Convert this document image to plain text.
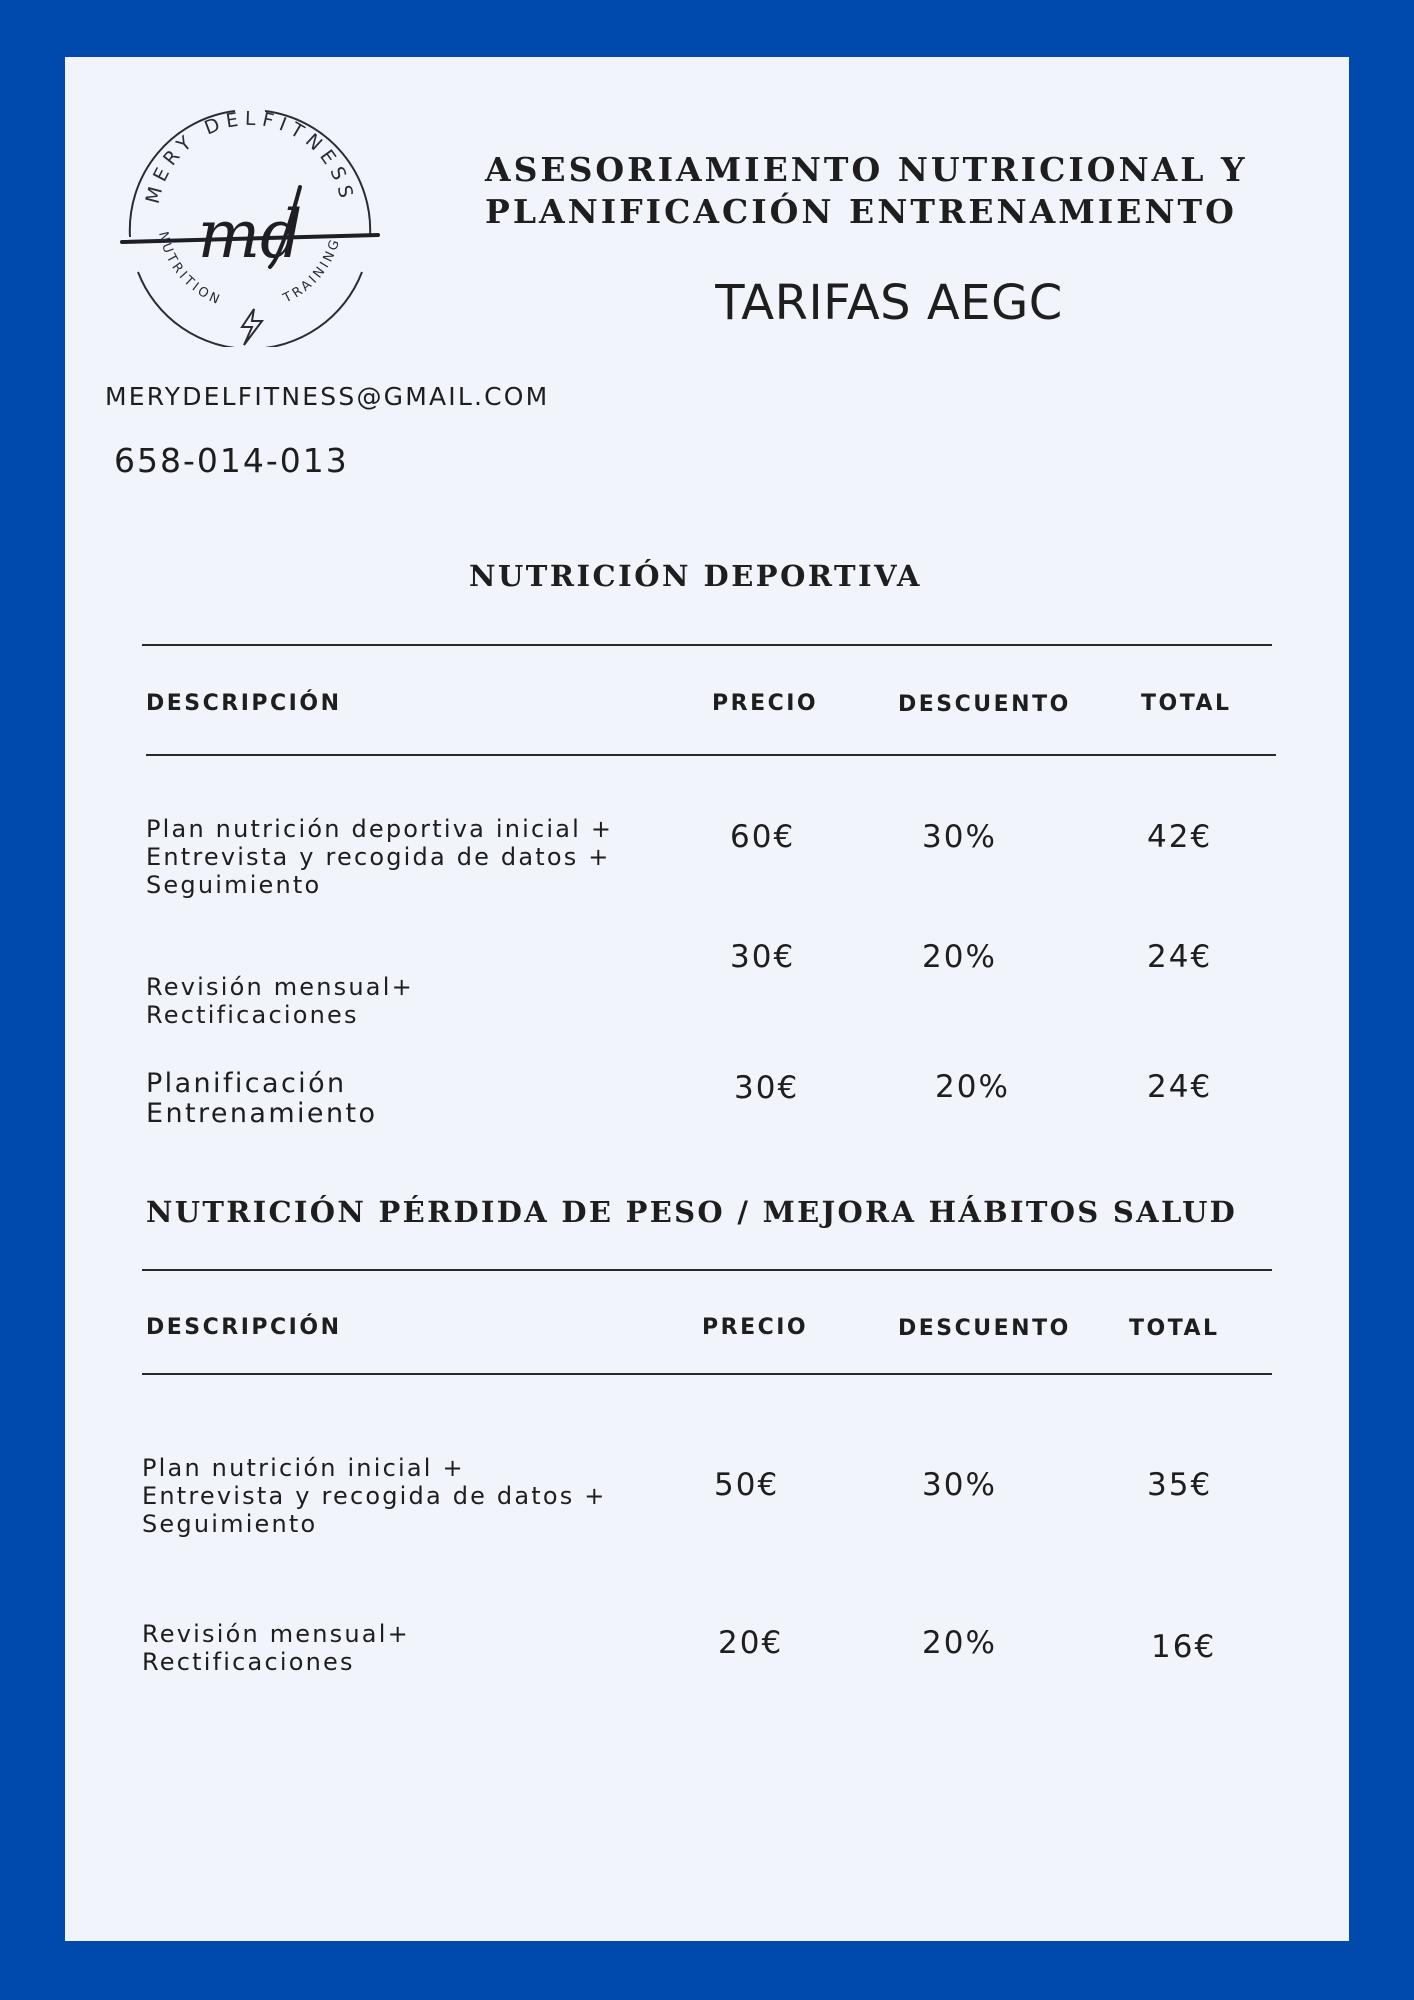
MERY DELFITNESS
md
NUTRITION	TRAINING
ASESORIAMIENTO NUTRICIONAL Y
PLANIFICACIÓN ENTRENAMIENTO
TARIFAS AEGC
MERYDELFITNESS@GMAIL.COM
658-014-013
NUTRICIÓN DEPORTIVA
DESCRIPCIÓN	PRECIO	DESCUENTO	TOTAL
Plan nutrición deportiva inicial +
Entrevista y recogida de datos +
Seguimiento
60€	30%	42€
Revisión mensual+
Rectificaciones
30€	20%	24€
Planificación
Entrenamiento
30€	20%	24€
NUTRICIÓN PÉRDIDA DE PESO / MEJORA HÁBITOS SALUD
DESCRIPCIÓN	PRECIO	DESCUENTO	TOTAL
Plan nutrición inicial +
Entrevista y recogida de datos +
Seguimiento
50€	30%	35€
Revisión mensual+
Rectificaciones
20€	20%	16€
